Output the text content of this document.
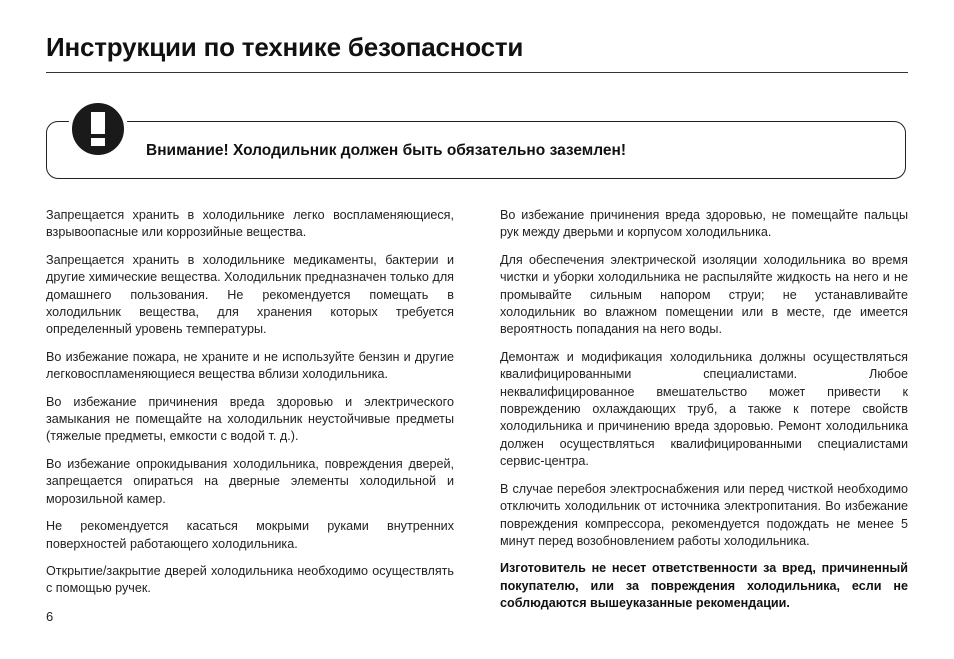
Инструкции по технике безопасности
Внимание! Холодильник должен быть обязательно заземлен!

Запрещается хранить в холодильнике легко воспламеняющиеся, взрывоопасные или коррозийные вещества.

Запрещается хранить в холодильнике медикаменты, бактерии и другие химические вещества. Холодильник предназначен только для домашнего пользования. Не рекомендуется помещать в холодильник вещества, для хранения которых требуется определенный уровень температуры.

Во избежание пожара, не храните и не используйте бензин и другие легковоспламеняющиеся вещества вблизи холодильника.

Во избежание причинения вреда здоровью и электрического замыкания не помещайте на холодильник неустойчивые предметы (тяжелые предметы, емкости с водой т. д.).

Во избежание опрокидывания холодильника, повреждения дверей, запрещается опираться на дверные элементы холодильной и морозильной камер.

Не рекомендуется касаться мокрыми руками внутренних поверхностей работающего холодильника.

Открытие/закрытие дверей холодильника необходимо осуществлять с помощью ручек.

Во избежание причинения вреда здоровью, не помещайте пальцы рук между дверьми и корпусом холодильника.

Для обеспечения электрической изоляции холодильника во время чистки и уборки холодильника не распыляйте жидкость на него и не промывайте сильным напором струи; не устанавливайте холодильник во влажном помещении или в месте, где имеется вероятность попадания на него воды.

Демонтаж и модификация холодильника должны осуществляться квалифицированными специалистами. Любое неквалифицированное вмешательство может привести к повреждению охлаждающих труб, а также к потере свойств холодильника и причинению вреда здоровью. Ремонт холодильника должен осуществляться квалифицированными специалистами сервис-центра.

В случае перебоя электроснабжения или перед чисткой необходимо отключить холодильник от источника электропитания. Во избежание повреждения компрессора, рекомендуется подождать не менее 5 минут перед возобновлением работы холодильника.

Изготовитель не несет ответственности за вред, причиненный покупателю, или за повреждения холодильника, если не соблюдаются вышеуказанные рекомендации.

6
